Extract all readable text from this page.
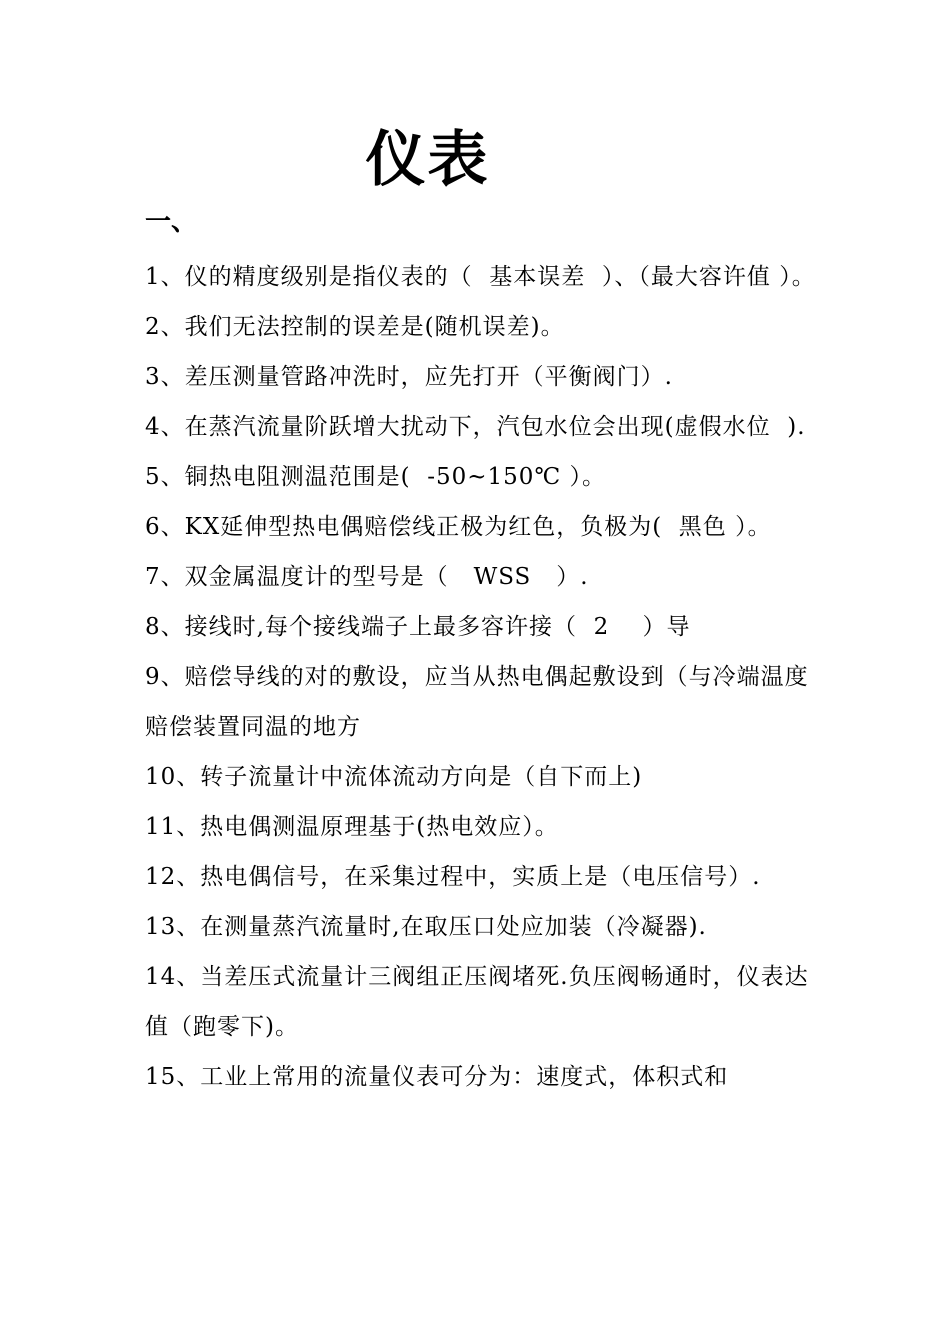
仪表
一、
1、仪的精度级别是指仪表的（  基本误差  ）、（最大容许值 ）。
2、我们无法控制的误差是(随机误差)。
3、差压测量管路冲洗时，应先打开（平衡阀门）.
4、在蒸汽流量阶跃增大扰动下，汽包水位会出现(虚假水位  ).
5、铜热电阻测温范围是(  -50~150℃ ）。
6、KX延伸型热电偶赔偿线正极为红色，负极为(  黑色 ）。
7、双金属温度计的型号是（   WSS   ）.
8、接线时,每个接线端子上最多容许接（  2    ）导
9、赔偿导线的对的敷设，应当从热电偶起敷设到（与冷端温度赔偿装置同温的地方
10、转子流量计中流体流动方向是（自下而上)
11、热电偶测温原理基于(热电效应）。
12、热电偶信号，在采集过程中，实质上是（电压信号）.
13、在测量蒸汽流量时,在取压口处应加装（冷凝器).
14、当差压式流量计三阀组正压阀堵死.负压阀畅通时，仪表达值（跑零下)。
15、工业上常用的流量仪表可分为：速度式，体积式和
